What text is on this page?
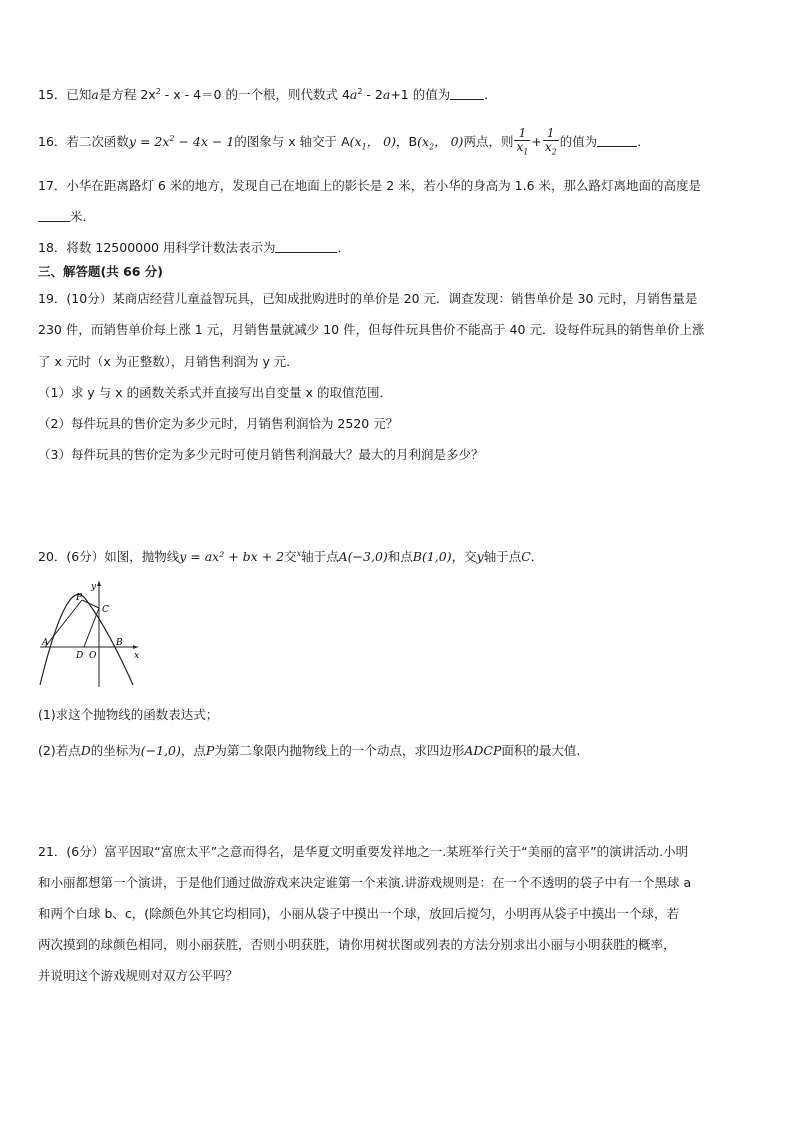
15．已知a是方程 $2x^2 - x - 4=0$ 的一个根，则代数式 $4a^2 - 2a+1$ 的值为	．
16．若二次函数$y = 2x^2 - 4x - 1$的图象与 x 轴交于 $A(x_1$， 0)，$B(x_2$， 0)两点，则 $\frac{1}{x_1} + \frac{1}{x_2}$ 的值为	．
17．小华在距离路灯 6 米的地方，发现自己在地面上的影长是 2 米，若小华的身高为 1.6 米，那么路灯离地面的高度是
米．
18．将数 12500000 用科学计数法表示为	．
三、解答题(共 66 分)
19．(10分）某商店经营儿童益智玩具，已知成批购进时的单价是 20 元．调查发现：销售单价是 30 元时，月销售量是
230 件，而销售单价每上涨 1 元，月销售量就减少 10 件，但每件玩具售价不能高于 40 元．设每件玩具的销售单价上涨
了 x 元时（x 为正整数），月销售利润为 y 元．
（1）求 y 与 x 的函数关系式并直接写出自变量 x 的取值范围．
（2）每件玩具的售价定为多少元时，月销售利润恰为 2520 元？
（3）每件玩具的售价定为多少元时可使月销售利润最大？最大的月利润是多少？
20．(6分）如图，抛物线y = ax² + bx + 2交$^x$轴于点A(−3,0)和点B(1,0)，交y轴于点C．
y
x
P
C
A	B
D O
(1)求这个抛物线的函数表达式；
(2)若点D的坐标为(−1,0)，点P为第二象限内抛物线上的一个动点，求四边形ADCP面积的最大值.
21．(6分）富平因取“富庶太平”之意而得名，是华夏文明重要发祥地之一.某班举行关于“美丽的富平”的演讲活动.小明
和小丽都想第一个演讲，于是他们通过做游戏来决定谁第一个来演.讲游戏规则是：在一个不透明的袋子中有一个黑球 a
和两个白球 b、c，(除颜色外其它均相同)，小丽从袋子中摸出一个球，放回后搅匀，小明再从袋子中摸出一个球，若
两次摸到的球颜色相同，则小丽获胜，否则小明获胜，请你用树状图或列表的方法分别求出小丽与小明获胜的概率，
并说明这个游戏规则对双方公平吗？
